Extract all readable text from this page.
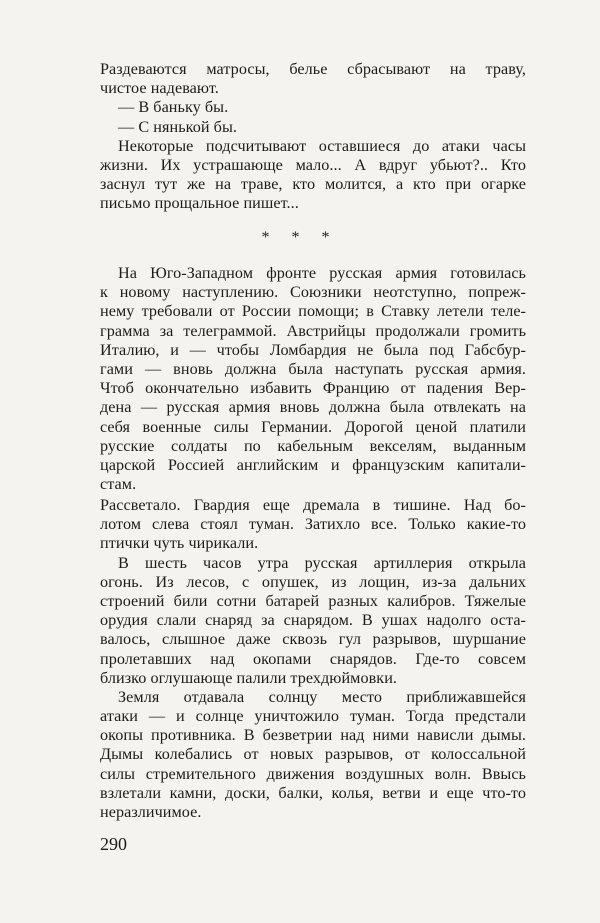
Раздеваются матросы, белье сбрасывают на траву,
чистое надевают.
— В баньку бы.
— С нянькой бы.
Некоторые подсчитывают оставшиеся до атаки часы
жизни. Их устрашающе мало... А вдруг убьют?.. Кто
заснул тут же на траве, кто молится, а кто при огарке
письмо прощальное пишет...
* * *
На Юго-Западном фронте русская армия готовилась
к новому наступлению. Союзники неотступно, попреж-
нему требовали от России помощи; в Ставку летели теле-
грамма за телеграммой. Австрийцы продолжали громить
Италию, и — чтобы Ломбардия не была под Габсбур-
гами — вновь должна была наступать русская армия.
Чтоб окончательно избавить Францию от падения Вер-
дена — русская армия вновь должна была отвлекать на
себя военные силы Германии. Дорогой ценой платили
русские солдаты по кабельным векселям, выданным
царской Россией английским и французским капитали-
стам.
Рассветало. Гвардия еще дремала в тишине. Над бо-
лотом слева стоял туман. Затихло все. Только какие-то
птички чуть чирикали.
В шесть часов утра русская артиллерия открыла
огонь. Из лесов, с опушек, из лощин, из-за дальних
строений били сотни батарей разных калибров. Тяжелые
орудия слали снаряд за снарядом. В ушах надолго оста-
валось, слышное даже сквозь гул разрывов, шуршание
пролетавших над окопами снарядов. Где-то совсем
близко оглушающе палили трехдюймовки.
Земля отдавала солнцу место приближавшейся
атаки — и солнце уничтожило туман. Тогда предстали
окопы противника. В безветрии над ними нависли дымы.
Дымы колебались от новых разрывов, от колоссальной
силы стремительного движения воздушных волн. Ввысь
взлетали камни, доски, балки, колья, ветви и еще что-то
неразличимое.
290
